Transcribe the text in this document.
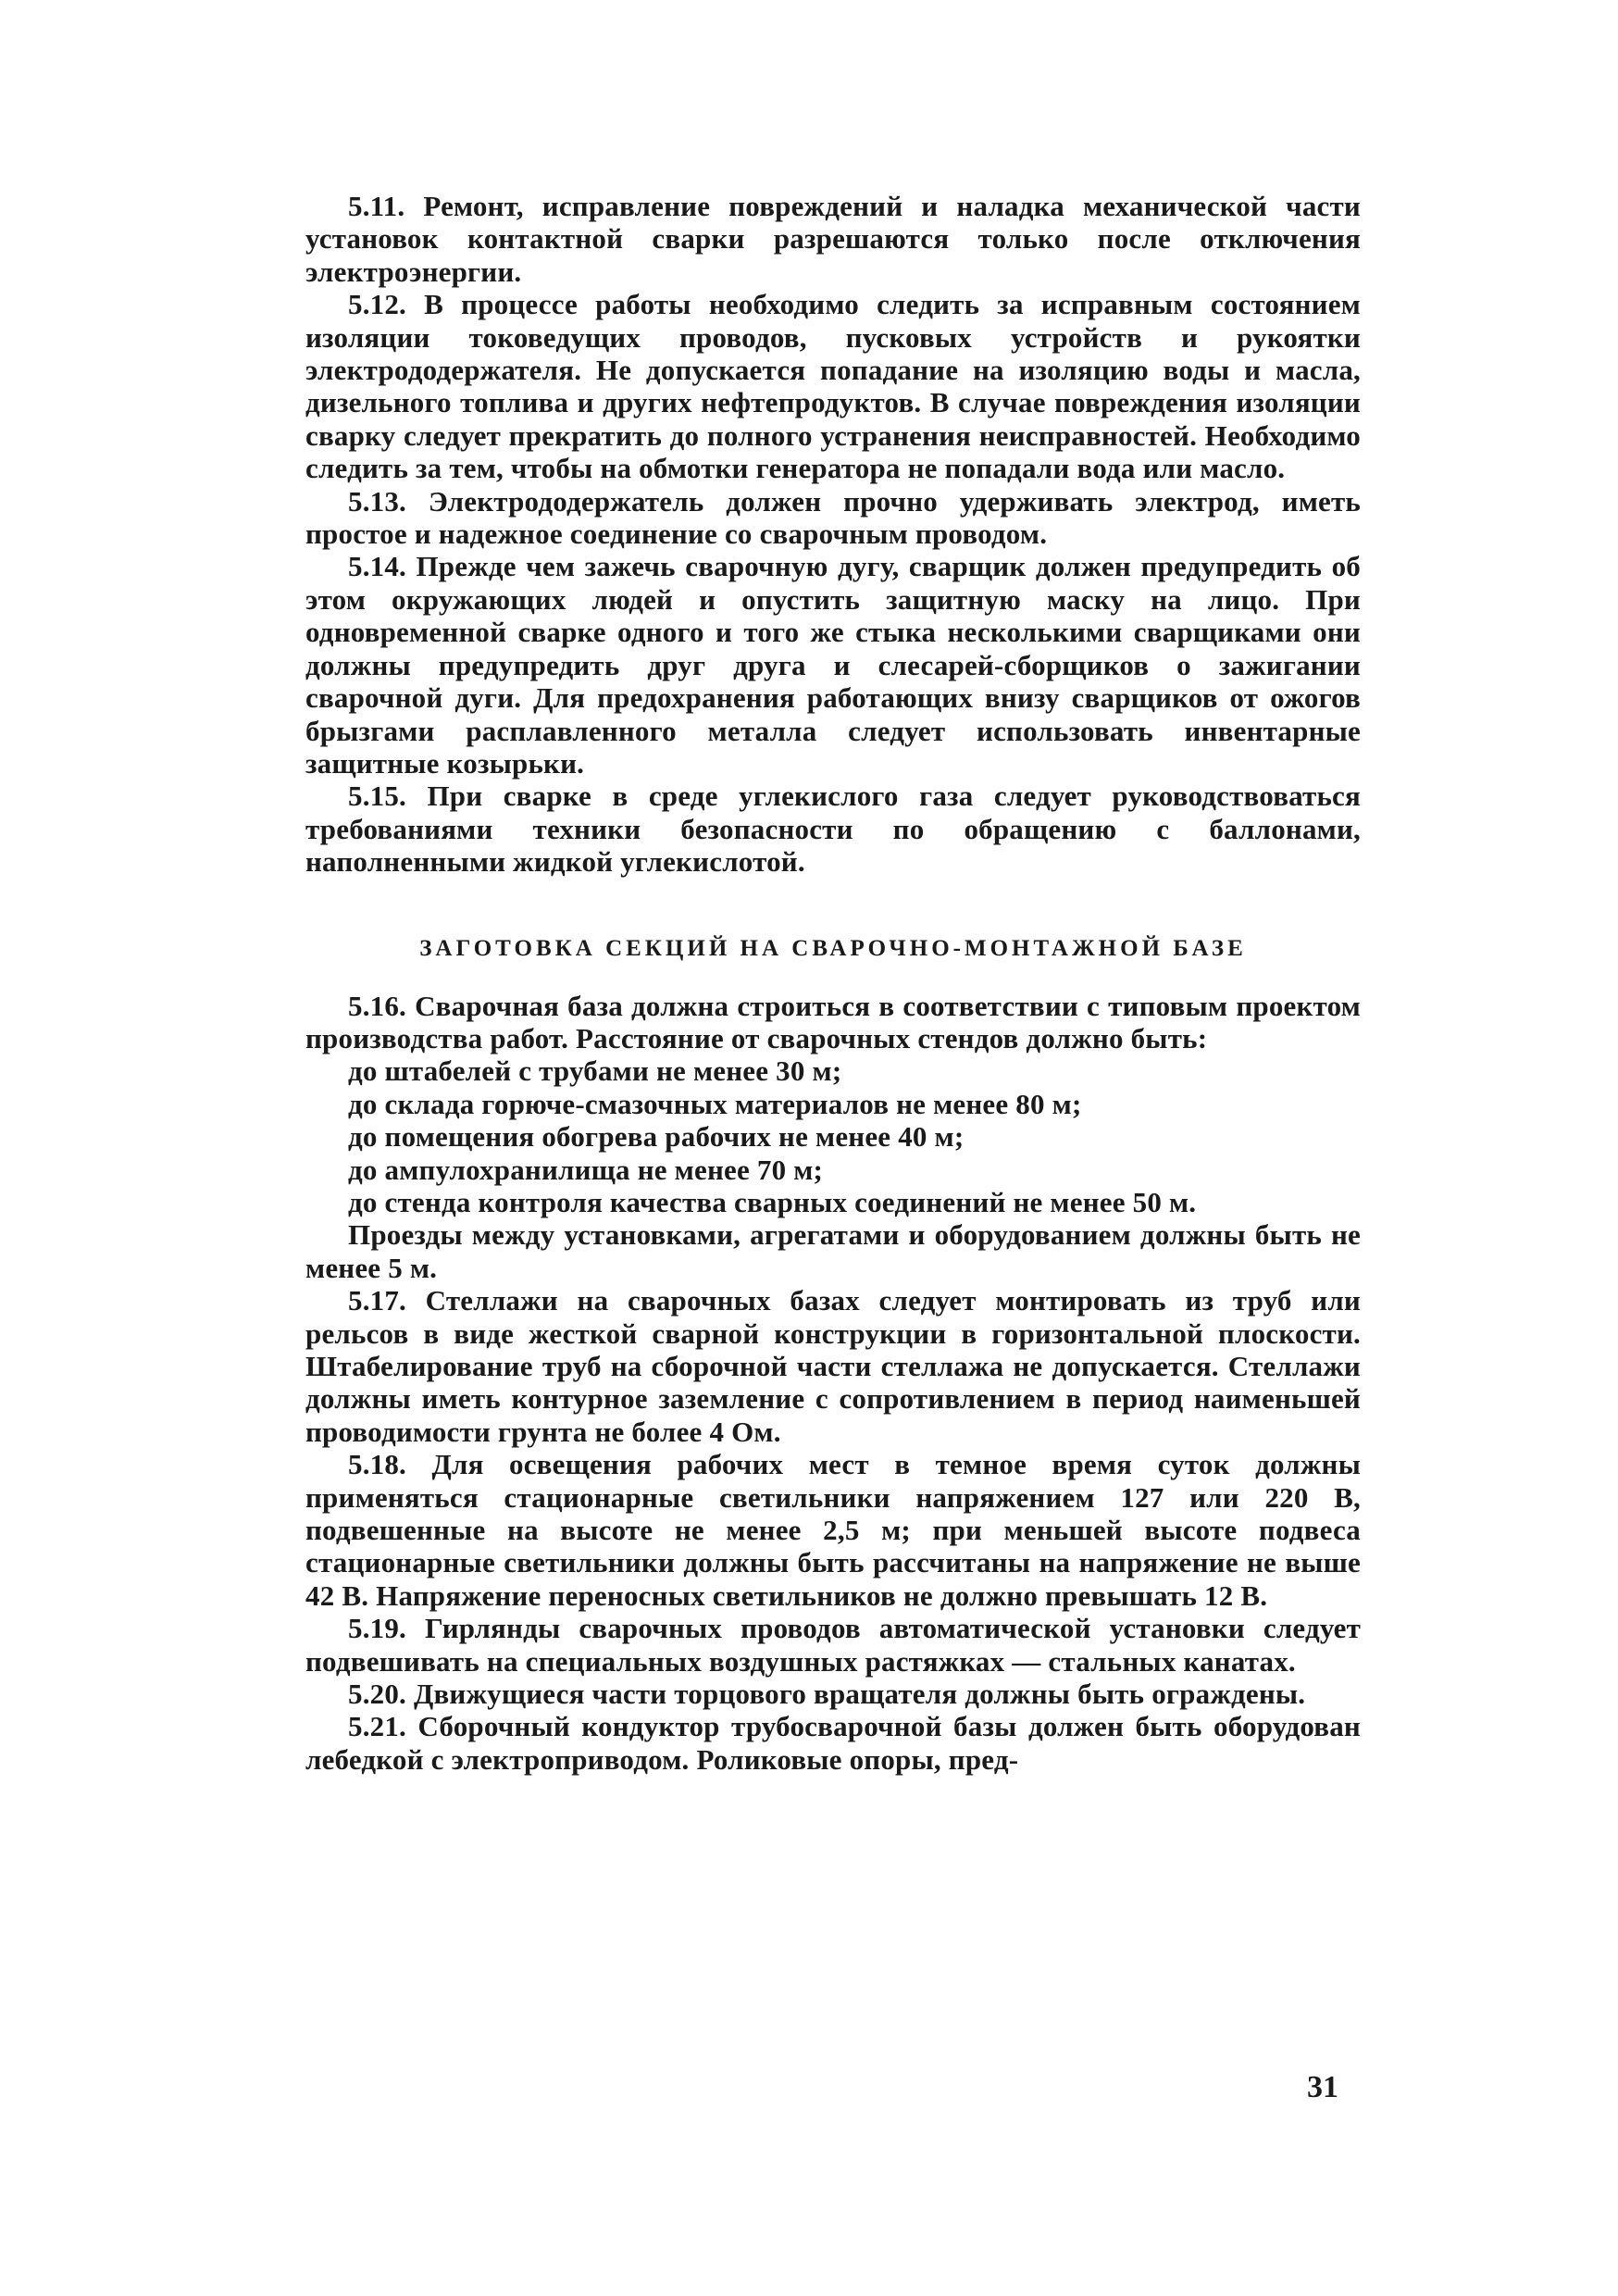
5.11. Ремонт, исправление повреждений и наладка механической части установок контактной сварки разрешаются только после отключения электроэнергии.

5.12. В процессе работы необходимо следить за исправным состоянием изоляции токоведущих проводов, пусковых устройств и рукоятки электрододержателя. Не допускается попадание на изоляцию воды и масла, дизельного топлива и других нефтепродуктов. В случае повреждения изоляции сварку следует прекратить до полного устранения неисправностей. Необходимо следить за тем, чтобы на обмотки генератора не попадали вода или масло.

5.13. Электрододержатель должен прочно удерживать электрод, иметь простое и надежное соединение со сварочным проводом.

5.14. Прежде чем зажечь сварочную дугу, сварщик должен предупредить об этом окружающих людей и опустить защитную маску на лицо. При одновременной сварке одного и того же стыка несколькими сварщиками они должны предупредить друг друга и слесарей-сборщиков о зажигании сварочной дуги. Для предохранения работающих внизу сварщиков от ожогов брызгами расплавленного металла следует использовать инвентарные защитные козырьки.

5.15. При сварке в среде углекислого газа следует руководствоваться требованиями техники безопасности по обращению с баллонами, наполненными жидкой углекислотой.

ЗАГОТОВКА СЕКЦИЙ НА СВАРОЧНО-МОНТАЖНОЙ БАЗЕ

5.16. Сварочная база должна строиться в соответствии с типовым проектом производства работ. Расстояние от сварочных стендов должно быть:

до штабелей с трубами не менее 30 м;

до склада горюче-смазочных материалов не менее 80 м;

до помещения обогрева рабочих не менее 40 м;

до ампулохранилища не менее 70 м;

до стенда контроля качества сварных соединений не менее 50 м.

Проезды между установками, агрегатами и оборудованием должны быть не менее 5 м.

5.17. Стеллажи на сварочных базах следует монтировать из труб или рельсов в виде жесткой сварной конструкции в горизонтальной плоскости. Штабелирование труб на сборочной части стеллажа не допускается. Стеллажи должны иметь контурное заземление с сопротивлением в период наименьшей проводимости грунта не более 4 Ом.

5.18. Для освещения рабочих мест в темное время суток должны применяться стационарные светильники напряжением 127 или 220 В, подвешенные на высоте не менее 2,5 м; при меньшей высоте подвеса стационарные светильники должны быть рассчитаны на напряжение не выше 42 В. Напряжение переносных светильников не должно превышать 12 В.

5.19. Гирлянды сварочных проводов автоматической установки следует подвешивать на специальных воздушных растяжках — стальных канатах.

5.20. Движущиеся части торцового вращателя должны быть ограждены.

5.21. Сборочный кондуктор трубосварочной базы должен быть оборудован лебедкой с электроприводом. Роликовые опоры, пред-

31
